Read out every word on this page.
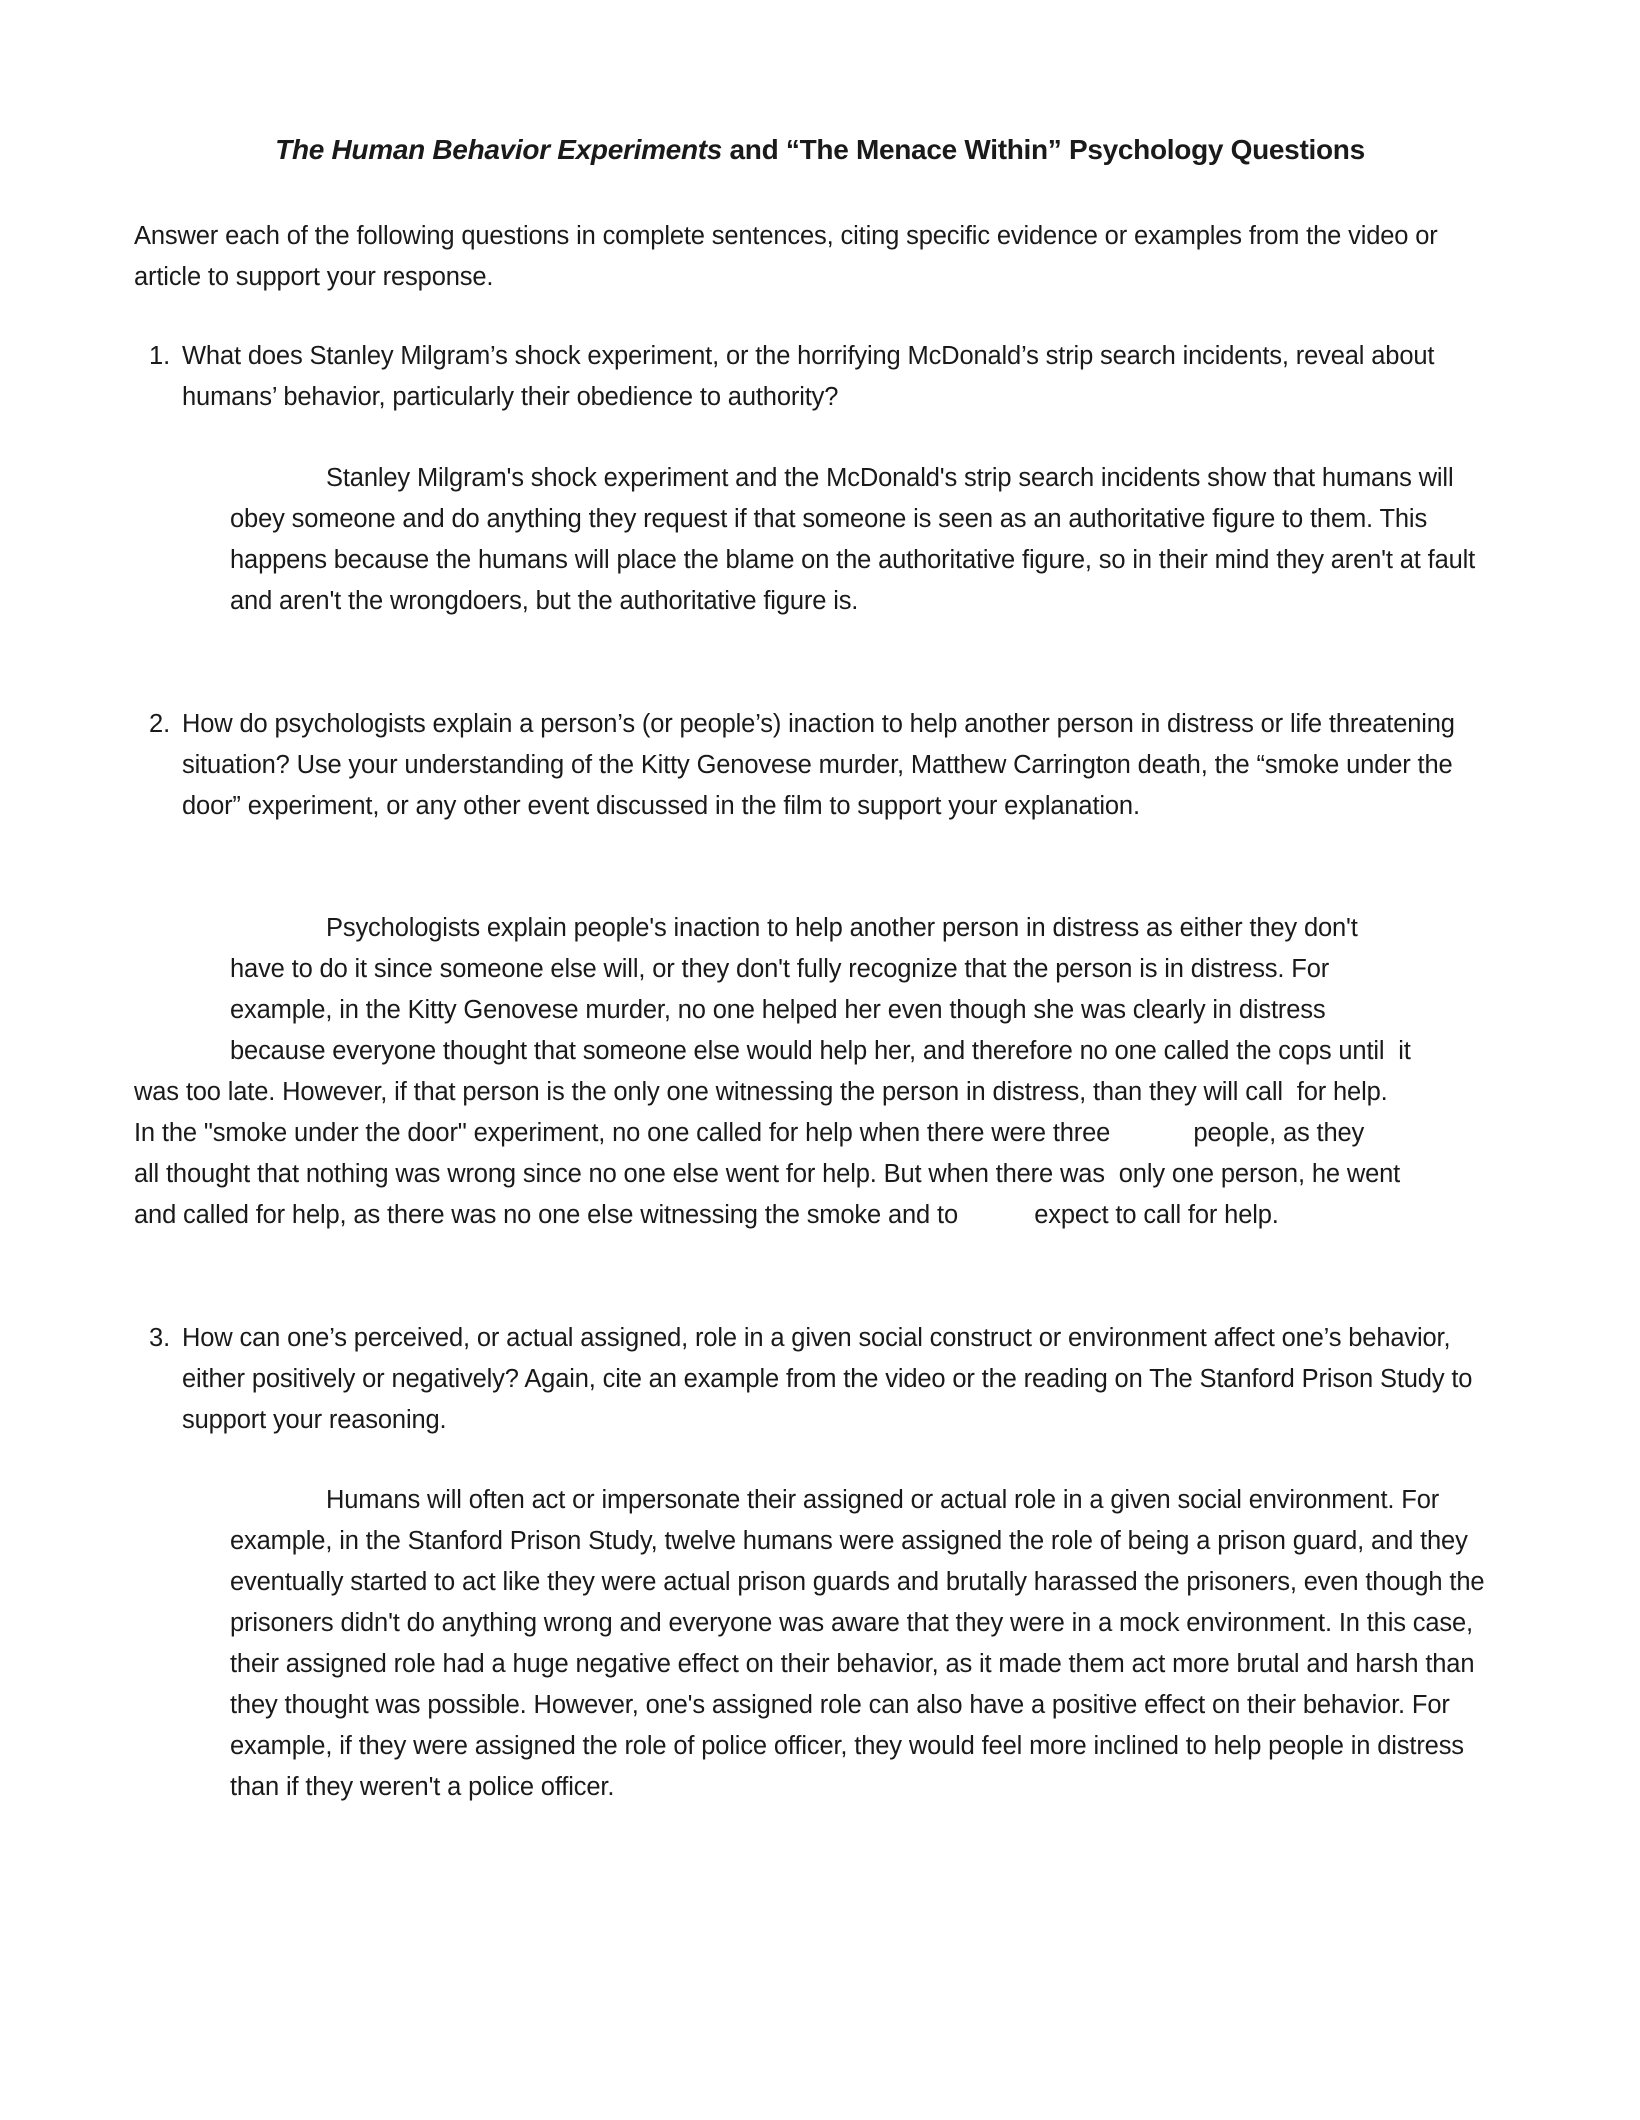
The Human Behavior Experiments and “The Menace Within” Psychology Questions
Answer each of the following questions in complete sentences, citing specific evidence or examples from the video or article to support your response.
1. What does Stanley Milgram’s shock experiment, or the horrifying McDonald’s strip search incidents, reveal about humans’ behavior, particularly their obedience to authority?
Stanley Milgram's shock experiment and the McDonald's strip search incidents show that humans will obey someone and do anything they request if that someone is seen as an authoritative figure to them. This happens because the humans will place the blame on the authoritative figure, so in their mind they aren't at fault and aren't the wrongdoers, but the authoritative figure is.
2. How do psychologists explain a person’s (or people’s) inaction to help another person in distress or life threatening situation? Use your understanding of the Kitty Genovese murder, Matthew Carrington death, the “smoke under the door” experiment, or any other event discussed in the film to support your explanation.
Psychologists explain people's inaction to help another person in distress as either they don't
have to do it since someone else will, or they don't fully recognize that the person is in distress. For
example, in the Kitty Genovese murder, no one helped her even though she was clearly in distress
because everyone thought that someone else would help her, and therefore no one called the cops until  it
was too late. However, if that person is the only one witnessing the person in distress, than they will call  for help.
In the "smoke under the door" experiment, no one called for help when there were three            people, as they
all thought that nothing was wrong since no one else went for help. But when there was  only one person, he went
and called for help, as there was no one else witnessing the smoke and to           expect to call for help.
3. How can one’s perceived, or actual assigned, role in a given social construct or environment affect one’s behavior, either positively or negatively? Again, cite an example from the video or the reading on The Stanford Prison Study to support your reasoning.
Humans will often act or impersonate their assigned or actual role in a given social environment. For example, in the Stanford Prison Study, twelve humans were assigned the role of being a prison guard, and they eventually started to act like they were actual prison guards and brutally harassed the prisoners, even though the prisoners didn't do anything wrong and everyone was aware that they were in a mock environment. In this case, their assigned role had a huge negative effect on their behavior, as it made them act more brutal and harsh than they thought was possible. However, one's assigned role can also have a positive effect on their behavior. For example, if they were assigned the role of police officer, they would feel more inclined to help people in distress than if they weren't a police officer.
